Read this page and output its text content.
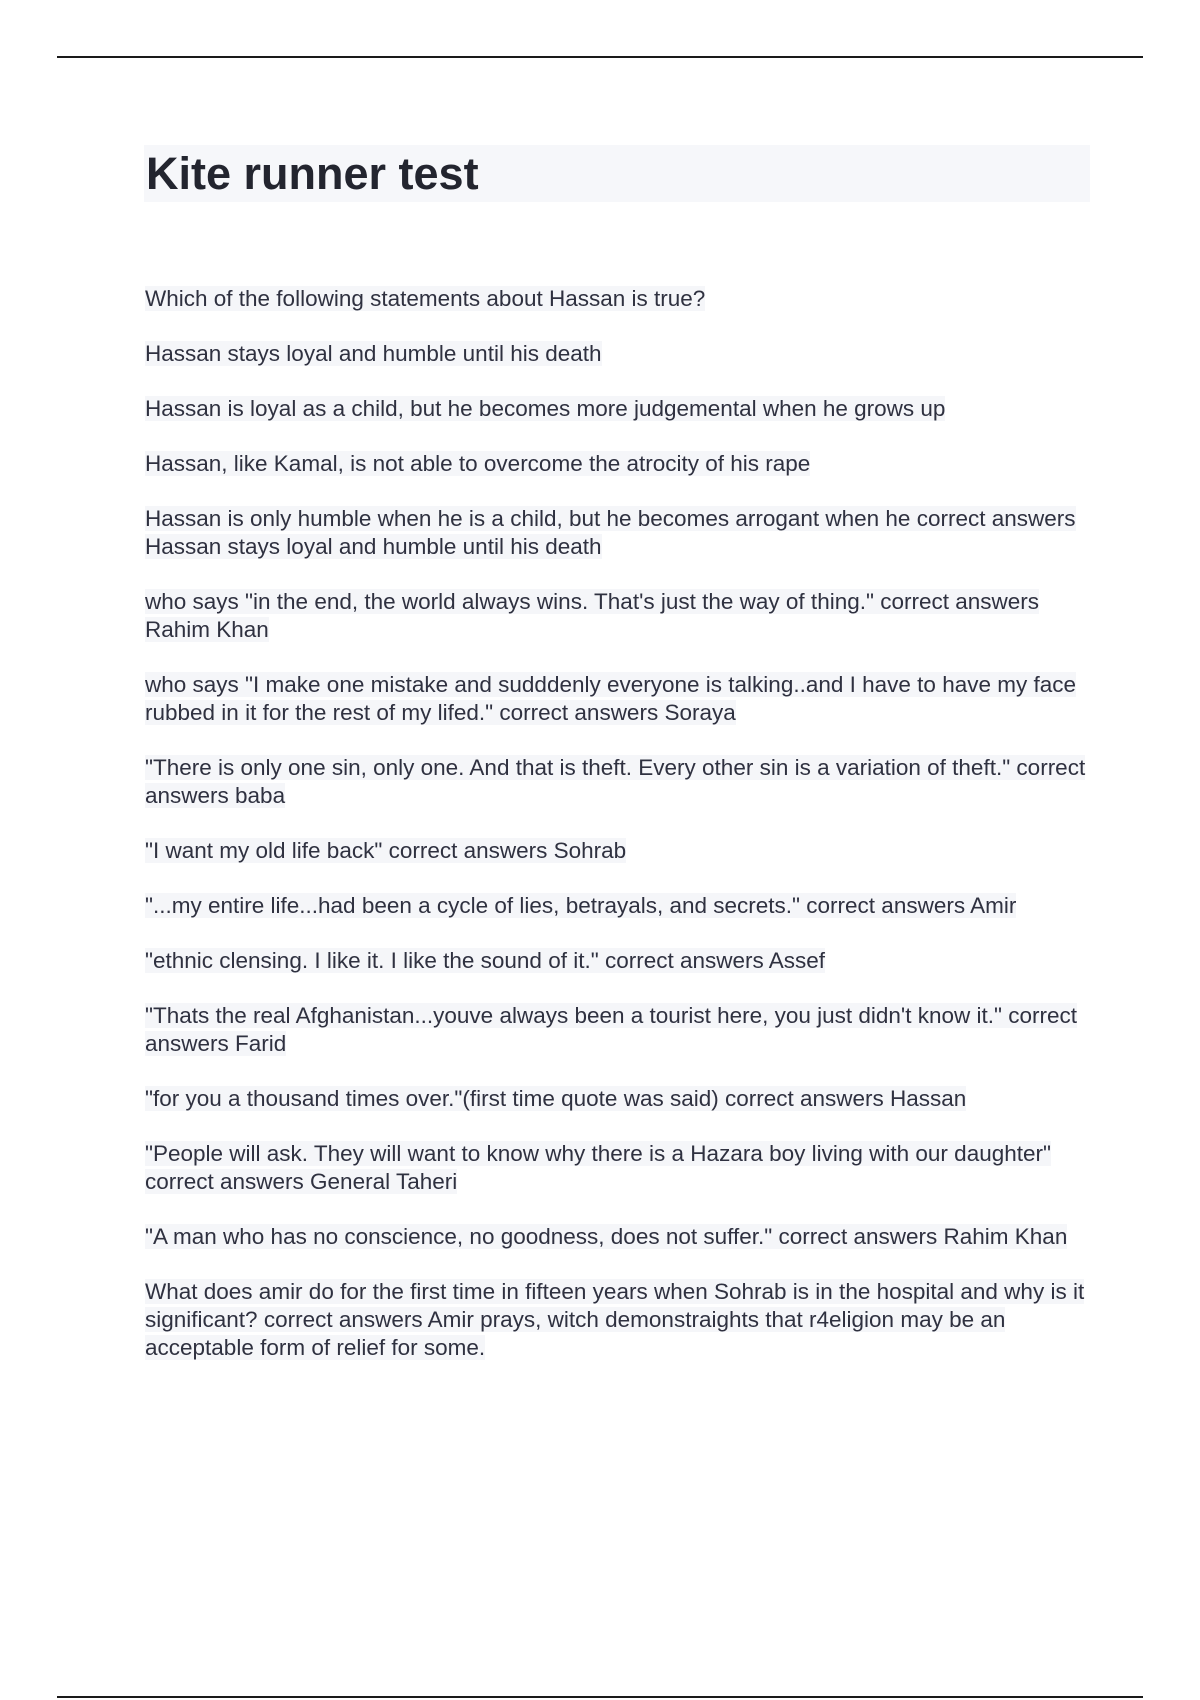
Kite runner test

Which of the following statements about Hassan is true?

Hassan stays loyal and humble until his death

Hassan is loyal as a child, but he becomes more judgemental when he grows up

Hassan, like Kamal, is not able to overcome the atrocity of his rape

Hassan is only humble when he is a child, but he becomes arrogant when he correct answers Hassan stays loyal and humble until his death

who says "in the end, the world always wins. That's just the way of thing." correct answers Rahim Khan

who says "I make one mistake and sudddenly everyone is talking..and I have to have my face rubbed in it for the rest of my lifed." correct answers Soraya

"There is only one sin, only one. And that is theft. Every other sin is a variation of theft." correct answers baba

"I want my old life back" correct answers Sohrab

"...my entire life...had been a cycle of lies, betrayals, and secrets." correct answers Amir

"ethnic clensing. I like it. I like the sound of it." correct answers Assef

"Thats the real Afghanistan...youve always been a tourist here, you just didn't know it." correct answers Farid

"for you a thousand times over."(first time quote was said) correct answers Hassan

"People will ask. They will want to know why there is a Hazara boy living with our daughter" correct answers General Taheri

"A man who has no conscience, no goodness, does not suffer." correct answers Rahim Khan

What does amir do for the first time in fifteen years when Sohrab is in the hospital and why is it significant? correct answers Amir prays, witch demonstraights that r4eligion may be an acceptable form of relief for some.
